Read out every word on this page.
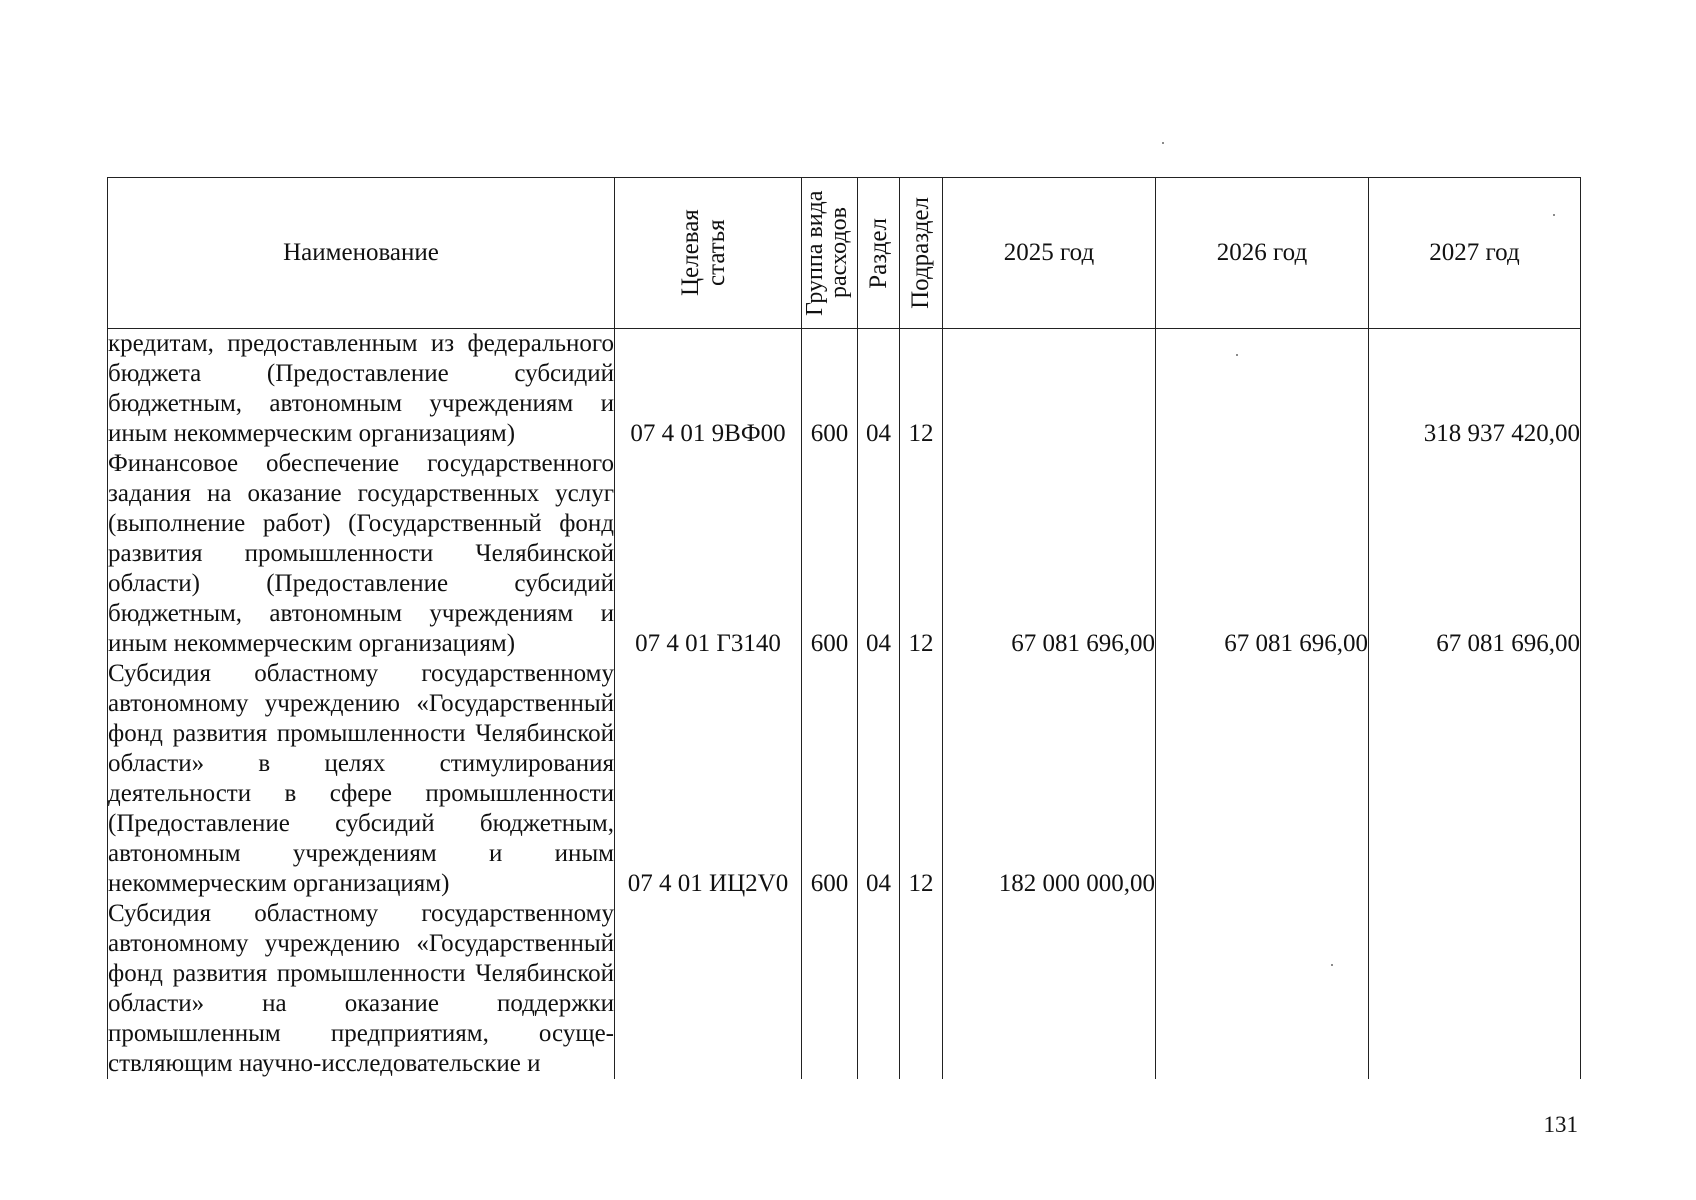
Наименование	Целевая статья	Группа вида расходов	Раздел	Подраздел	2025 год	2026 год	2027 год
кредитам, предоставленным из федерального бюджета (Предоставление субсидий бюджетным, автономным учреждениям и иным некоммерческим организациям)	07 4 01 9ВФ00	600	04	12			318 937 420,00
Финансовое обеспечение государственного задания на оказание государственных услуг (выполнение работ) (Государственный фонд развития промышленности Челябинской области) (Предоставление субсидий бюджетным, автономным учреждениям и иным некоммерческим организациям)	07 4 01 Г3140	600	04	12	67 081 696,00	67 081 696,00	67 081 696,00
Субсидия областному государственному автономному учреждению «Государственный фонд развития промышленности Челябинской области» в целях стимулирования деятельности в сфере промышленности (Предоставление субсидий бюджетным, автономным учреждениям и иным некоммерческим организациям)	07 4 01 ИЦ2V0	600	04	12	182 000 000,00		
Субсидия областному государственному автономному учреждению «Государственный фонд развития промышленности Челябинской области» на оказание поддержки промышленным предприятиям, осуществляющим научно-исследовательские и							
131
